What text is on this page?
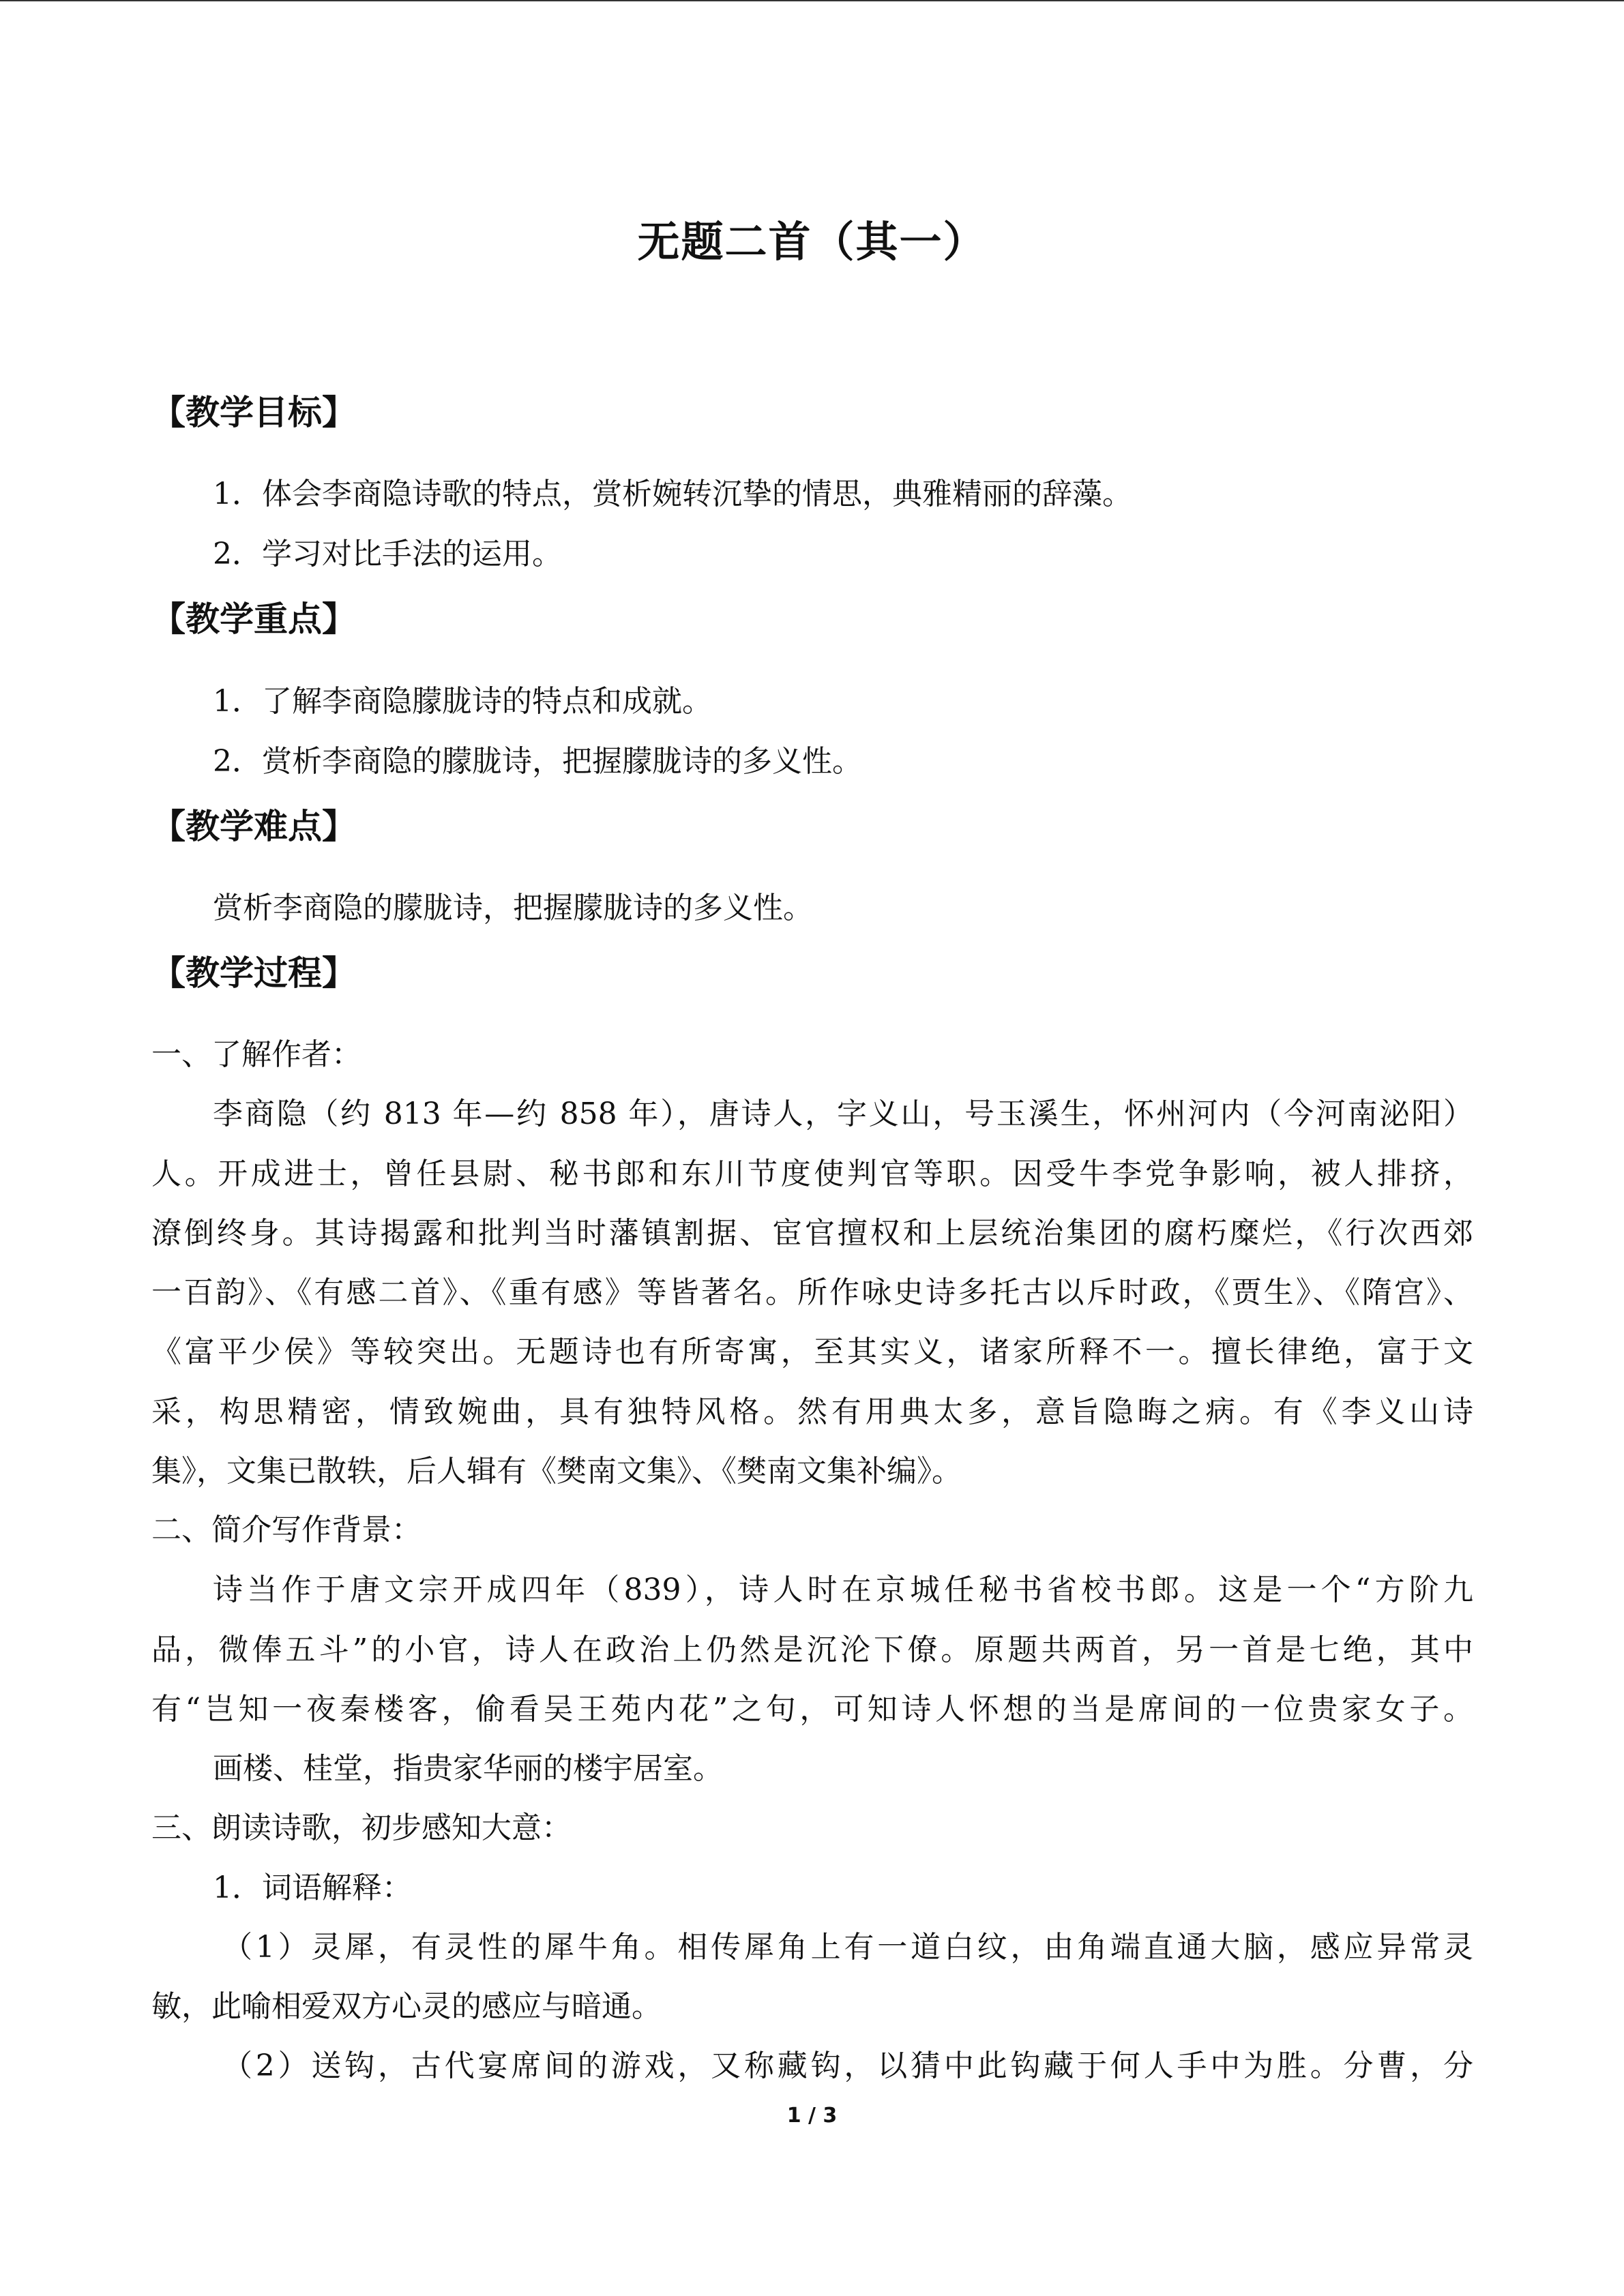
无题二首（其一）
【教学目标】

1．体会李商隐诗歌的特点，赏析婉转沉挚的情思，典雅精丽的辞藻。

2．学习对比手法的运用。

【教学重点】

1．了解李商隐朦胧诗的特点和成就。

2．赏析李商隐的朦胧诗，把握朦胧诗的多义性。

【教学难点】

赏析李商隐的朦胧诗，把握朦胧诗的多义性。

【教学过程】

一、了解作者：

李商隐（约 813 年—约 858 年），唐诗人，字义山，号玉溪生，怀州河内（今河南泌阳）

人。开成进士，曾任县尉、秘书郎和东川节度使判官等职。因受牛李党争影响，被人排挤，

潦倒终身。其诗揭露和批判当时藩镇割据、宦官擅权和上层统治集团的腐朽糜烂，《行次西郊

一百韵》、《有感二首》、《重有感》等皆著名。所作咏史诗多托古以斥时政，《贾生》、《隋宫》、

《富平少侯》等较突出。无题诗也有所寄寓，至其实义，诸家所释不一。擅长律绝，富于文

采，构思精密，情致婉曲，具有独特风格。然有用典太多，意旨隐晦之病。有《李义山诗

集》，文集已散轶，后人辑有《樊南文集》、《樊南文集补编》。

二、简介写作背景：

诗当作于唐文宗开成四年（839），诗人时在京城任秘书省校书郎。这是一个“方阶九

品，微俸五斗”的小官，诗人在政治上仍然是沉沦下僚。原题共两首，另一首是七绝，其中

有“岂知一夜秦楼客，偷看吴王苑内花”之句，可知诗人怀想的当是席间的一位贵家女子。

画楼、桂堂，指贵家华丽的楼宇居室。

三、朗读诗歌，初步感知大意：

1．词语解释：

（1）灵犀，有灵性的犀牛角。相传犀角上有一道白纹，由角端直通大脑，感应异常灵

敏，此喻相爱双方心灵的感应与暗通。

（2）送钩，古代宴席间的游戏，又称藏钩，以猜中此钩藏于何人手中为胜。分曹，分

1 / 3
